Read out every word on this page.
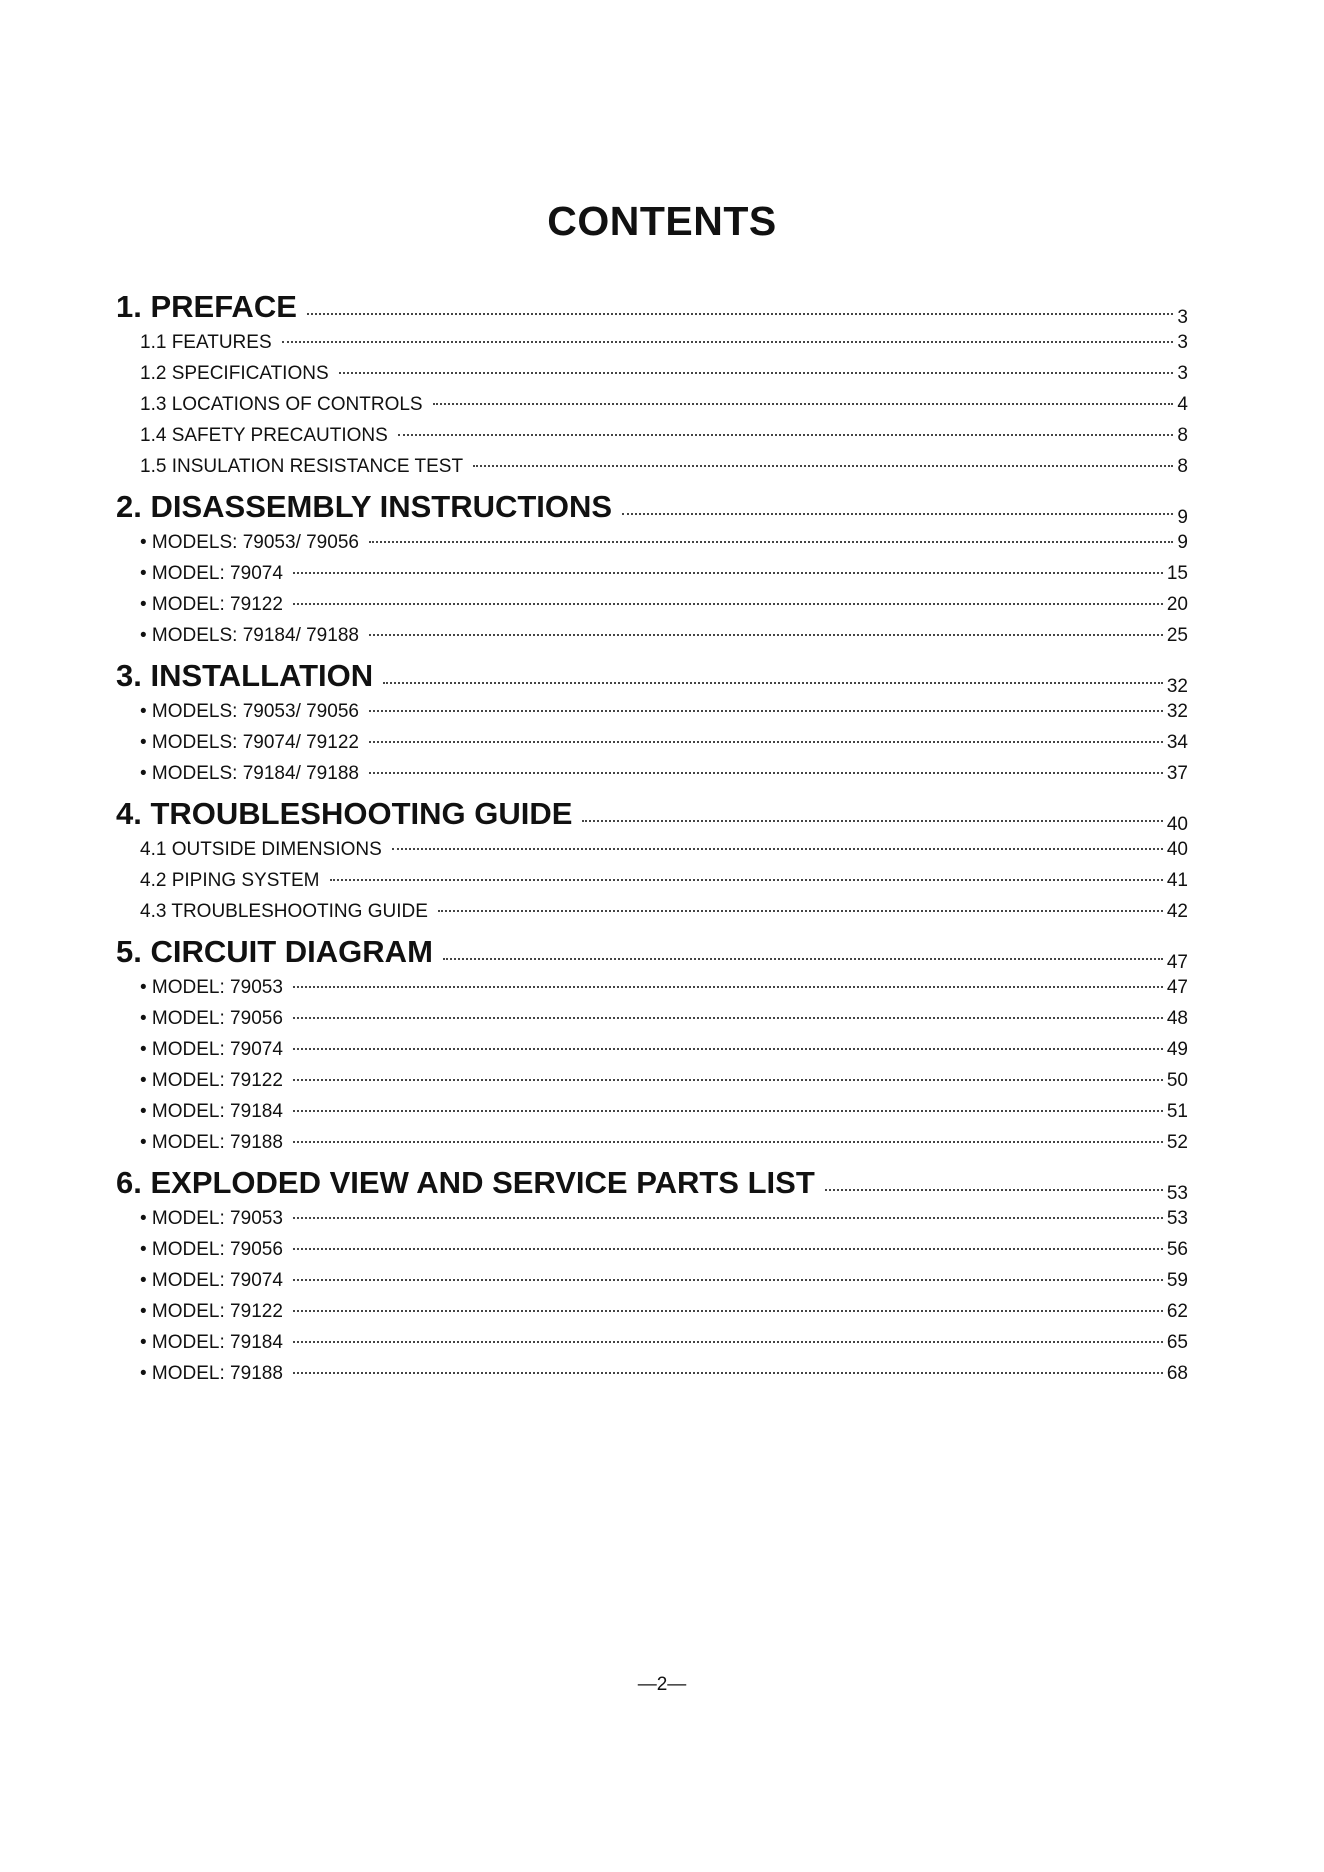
CONTENTS
1. PREFACE	3
1.1 FEATURES	3
1.2 SPECIFICATIONS	3
1.3 LOCATIONS OF CONTROLS	4
1.4 SAFETY PRECAUTIONS	8
1.5 INSULATION RESISTANCE TEST	8
2. DISASSEMBLY INSTRUCTIONS	9
• MODELS: 79053/ 79056	9
• MODEL: 79074	15
• MODEL: 79122	20
• MODELS: 79184/ 79188	25
3. INSTALLATION	32
• MODELS: 79053/ 79056	32
• MODELS: 79074/ 79122	34
• MODELS: 79184/ 79188	37
4. TROUBLESHOOTING GUIDE	40
4.1 OUTSIDE DIMENSIONS	40
4.2 PIPING SYSTEM	41
4.3 TROUBLESHOOTING GUIDE	42
5. CIRCUIT DIAGRAM	47
• MODEL: 79053	47
• MODEL: 79056	48
• MODEL: 79074	49
• MODEL: 79122	50
• MODEL: 79184	51
• MODEL: 79188	52
6. EXPLODED VIEW AND SERVICE PARTS LIST	53
• MODEL: 79053	53
• MODEL: 79056	56
• MODEL: 79074	59
• MODEL: 79122	62
• MODEL: 79184	65
• MODEL: 79188	68
—2—
